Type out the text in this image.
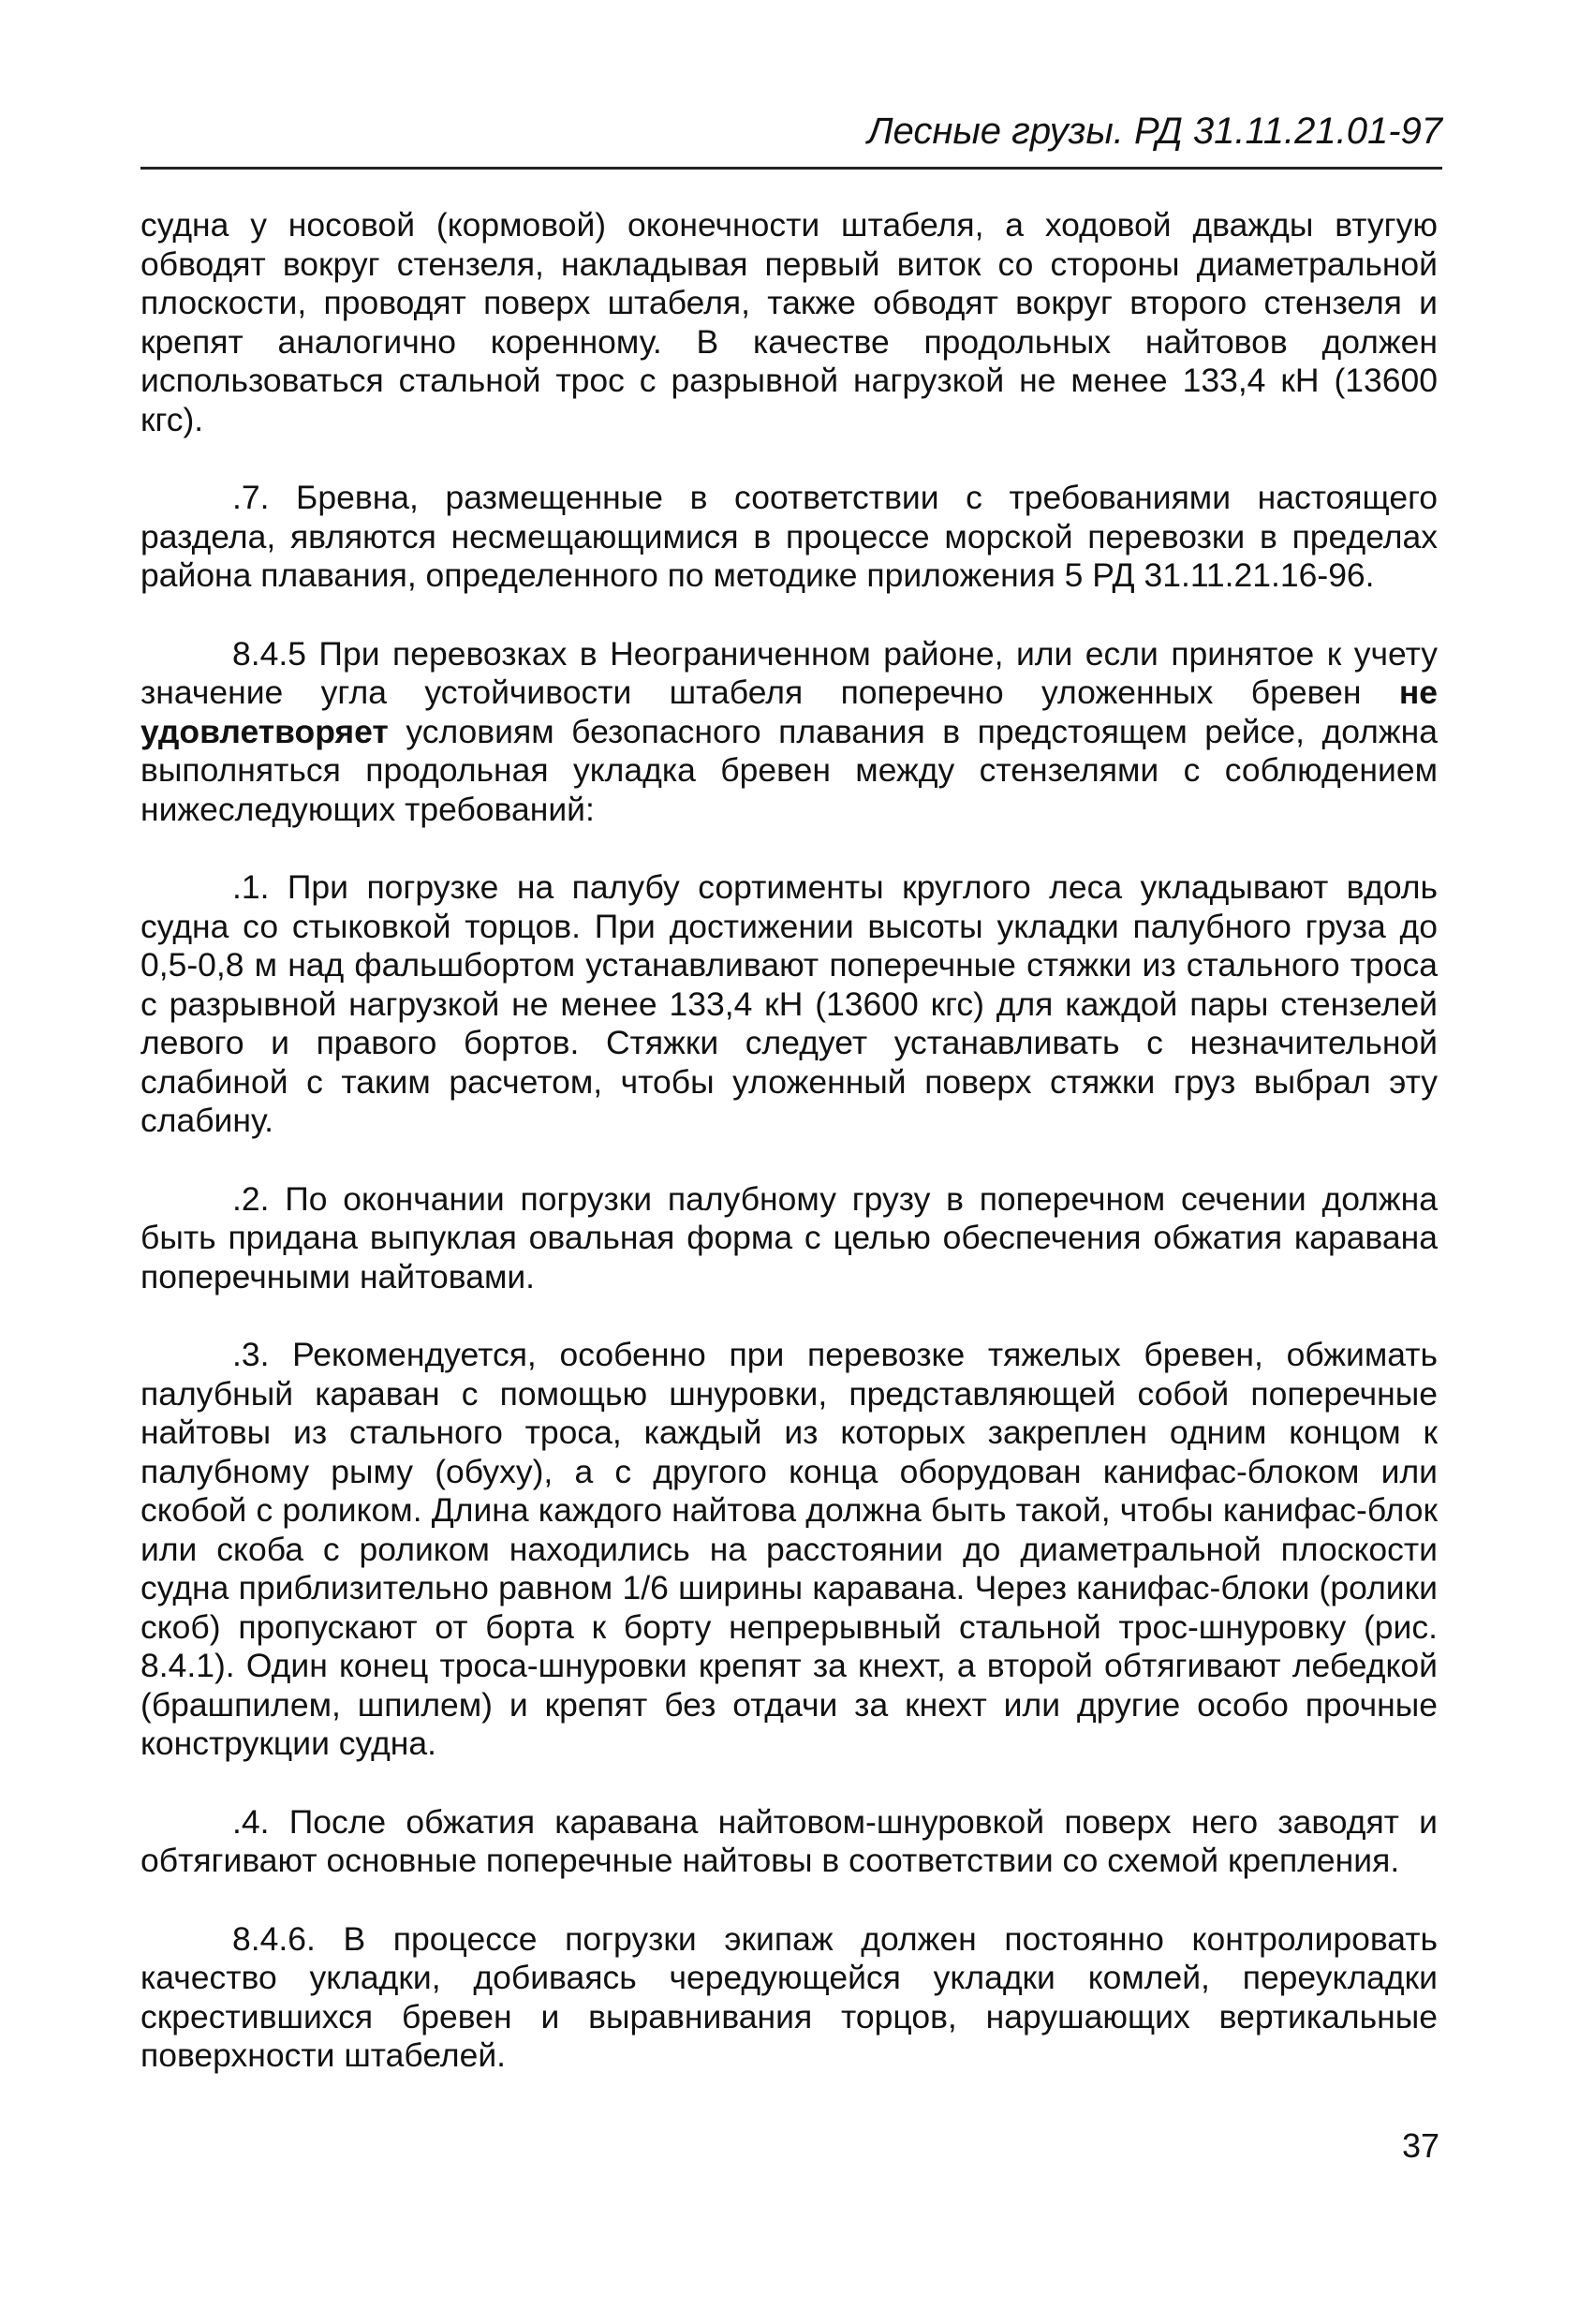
Лесные грузы. РД 31.11.21.01-97

судна у носовой (кормовой) оконечности штабеля, а ходовой дважды втугую обводят вокруг стензеля, накладывая первый виток со стороны диаметральной плоскости, проводят поверх штабеля, также обводят вокруг второго стензеля и крепят аналогично коренному. В качестве продольных найтовов должен использоваться стальной трос с разрывной нагрузкой не менее 133,4 кН (13600 кгс).

.7. Бревна, размещенные в соответствии с требованиями настоящего раздела, являются несмещающимися в процессе морской перевозки в пределах района плавания, определенного по методике приложения 5 РД 31.11.21.16-96.

8.4.5 При перевозках в Неограниченном районе, или если принятое к учету значение угла устойчивости штабеля поперечно уложенных бревен не удовлетворяет условиям безопасного плавания в предстоящем рейсе, должна выполняться продольная укладка бревен между стензелями с соблюдением нижеследующих требований:

.1. При погрузке на палубу сортименты круглого леса укладывают вдоль судна со стыковкой торцов. При достижении высоты укладки палубного груза до 0,5-0,8 м над фальшбортом устанавливают поперечные стяжки из стального троса с разрывной нагрузкой не менее 133,4 кН (13600 кгс) для каждой пары стензелей левого и правого бортов. Стяжки следует устанавливать с незначительной слабиной с таким расчетом, чтобы уложенный поверх стяжки груз выбрал эту слабину.

.2. По окончании погрузки палубному грузу в поперечном сечении должна быть придана выпуклая овальная форма с целью обеспечения обжатия каравана поперечными найтовами.

.3. Рекомендуется, особенно при перевозке тяжелых бревен, обжимать палубный караван с помощью шнуровки, представляющей собой поперечные найтовы из стального троса, каждый из которых закреплен одним концом к палубному рыму (обуху), а с другого конца оборудован канифас-блоком или скобой с роликом. Длина каждого найтова должна быть такой, чтобы канифас-блок или скоба с роликом находились на расстоянии до диаметральной плоскости судна приблизительно равном 1/6 ширины каравана. Через канифас-блоки (ролики скоб) пропускают от борта к борту непрерывный стальной трос-шнуровку (рис. 8.4.1). Один конец троса-шнуровки крепят за кнехт, а второй обтягивают лебедкой (брашпилем, шпилем) и крепят без отдачи за кнехт или другие особо прочные конструкции судна.

.4. После обжатия каравана найтовом-шнуровкой поверх него заводят и обтягивают основные поперечные найтовы в соответствии со схемой крепления.

8.4.6. В процессе погрузки экипаж должен постоянно контролировать качество укладки, добиваясь чередующейся укладки комлей, переукладки скрестившихся бревен и выравнивания торцов, нарушающих вертикальные поверхности штабелей.

37
